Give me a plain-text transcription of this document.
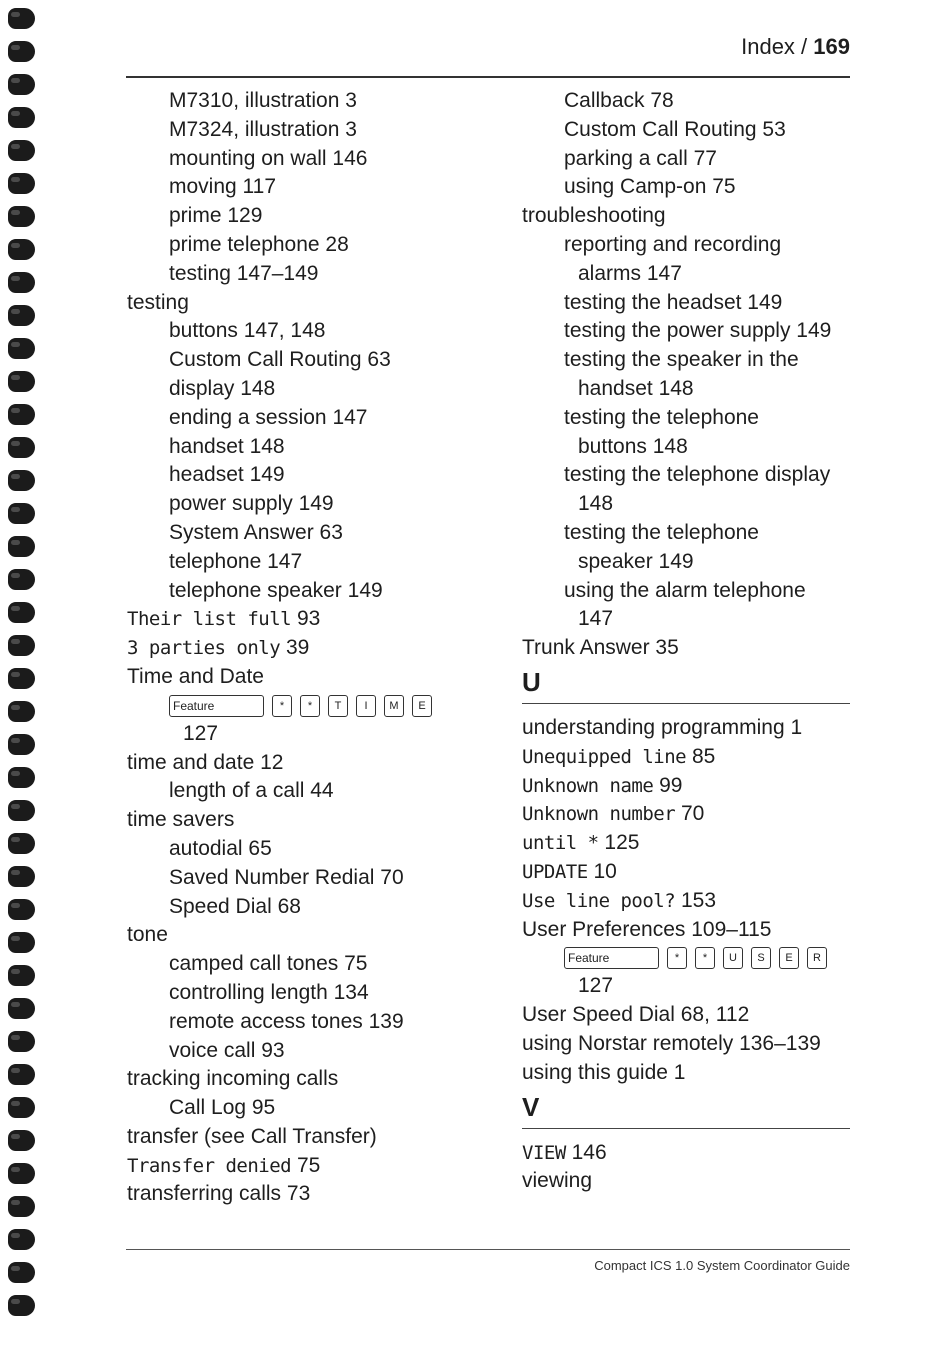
Index / 169
M7310, illustration 3
M7324, illustration 3
mounting on wall 146
moving 117
prime 129
prime telephone 28
testing 147–149
testing
buttons 147, 148
Custom Call Routing 63
display 148
ending a session 147
handset 148
headset 149
power supply 149
System Answer 63
telephone 147
telephone speaker 149
Their list full 93
3 parties only 39
Time and Date
Feature	*	*	T	I	M	E
127
time and date 12
length of a call 44
time savers
autodial 65
Saved Number Redial 70
Speed Dial 68
tone
camped call tones 75
controlling length 134
remote access tones 139
voice call 93
tracking incoming calls
Call Log 95
transfer (see Call Transfer)
Transfer denied 75
transferring calls 73
Callback 78
Custom Call Routing 53
parking a call 77
using Camp-on 75
troubleshooting
reporting and recording
alarms 147
testing the headset 149
testing the power supply 149
testing the speaker in the
handset 148
testing the telephone
buttons 148
testing the telephone display
148
testing the telephone
speaker 149
using the alarm telephone
147
Trunk Answer 35
U
understanding programming 1
Unequipped line 85
Unknown name 99
Unknown number 70
until * 125
UPDATE 10
Use line pool? 153
User Preferences 109–115
Feature	*	*	U	S	E	R
127
User Speed Dial 68, 112
using Norstar remotely 136–139
using this guide 1
V
VIEW 146
viewing
Compact ICS 1.0 System Coordinator Guide
